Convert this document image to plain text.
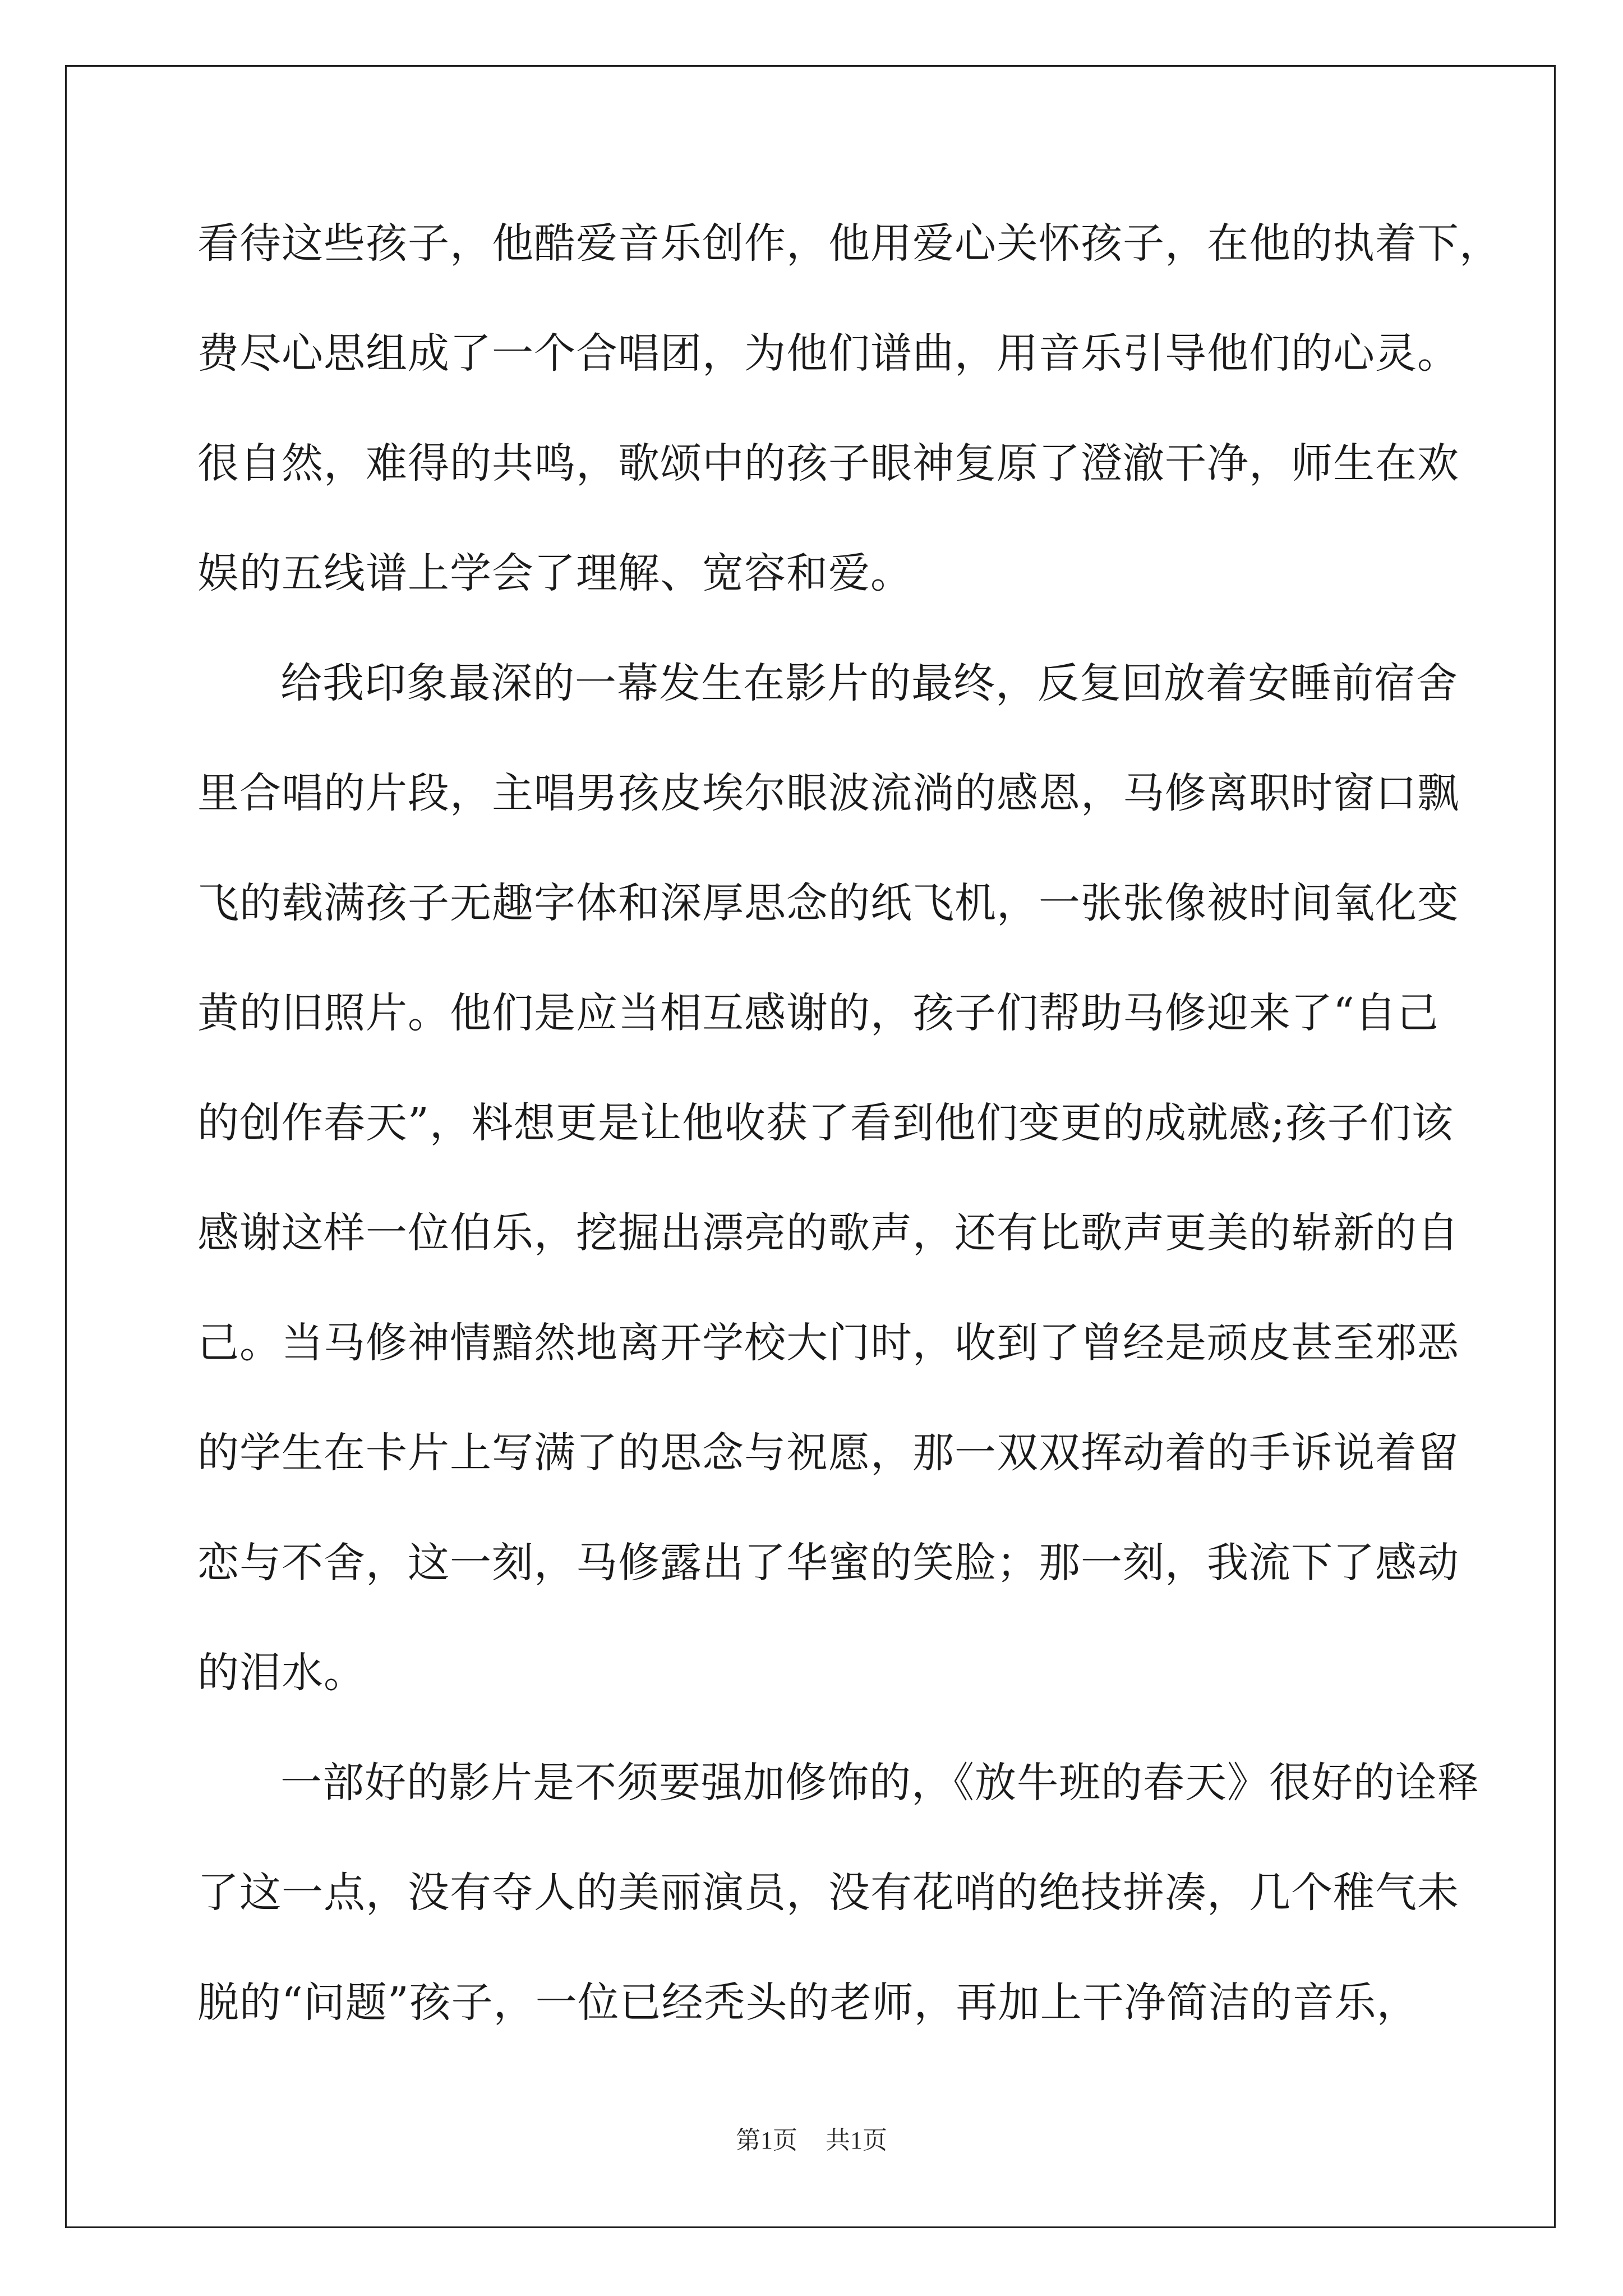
看待这些孩子，他酷爱音乐创作，他用爱心关怀孩子，在他的执着下，
费尽心思组成了一个合唱团，为他们谱曲，用音乐引导他们的心灵。
很自然，难得的共鸣，歌颂中的孩子眼神复原了澄澈干净，师生在欢
娱的五线谱上学会了理解、宽容和爱。
给我印象最深的一幕发生在影片的最终，反复回放着安睡前宿舍
里合唱的片段，主唱男孩皮埃尔眼波流淌的感恩，马修离职时窗口飘
飞的载满孩子无趣字体和深厚思念的纸飞机，一张张像被时间氧化变
黄的旧照片。他们是应当相互感谢的，孩子们帮助马修迎来了“自己
的创作春天”，料想更是让他收获了看到他们变更的成就感;孩子们该
感谢这样一位伯乐，挖掘出漂亮的歌声，还有比歌声更美的崭新的自
己。当马修神情黯然地离开学校大门时，收到了曾经是顽皮甚至邪恶
的学生在卡片上写满了的思念与祝愿，那一双双挥动着的手诉说着留
恋与不舍，这一刻，马修露出了华蜜的笑脸；那一刻，我流下了感动
的泪水。
一部好的影片是不须要强加修饰的，《放牛班的春天》很好的诠释
了这一点，没有夺人的美丽演员，没有花哨的绝技拼凑，几个稚气未
脱的“问题”孩子，一位已经秃头的老师，再加上干净简洁的音乐，
第1页 共1页
